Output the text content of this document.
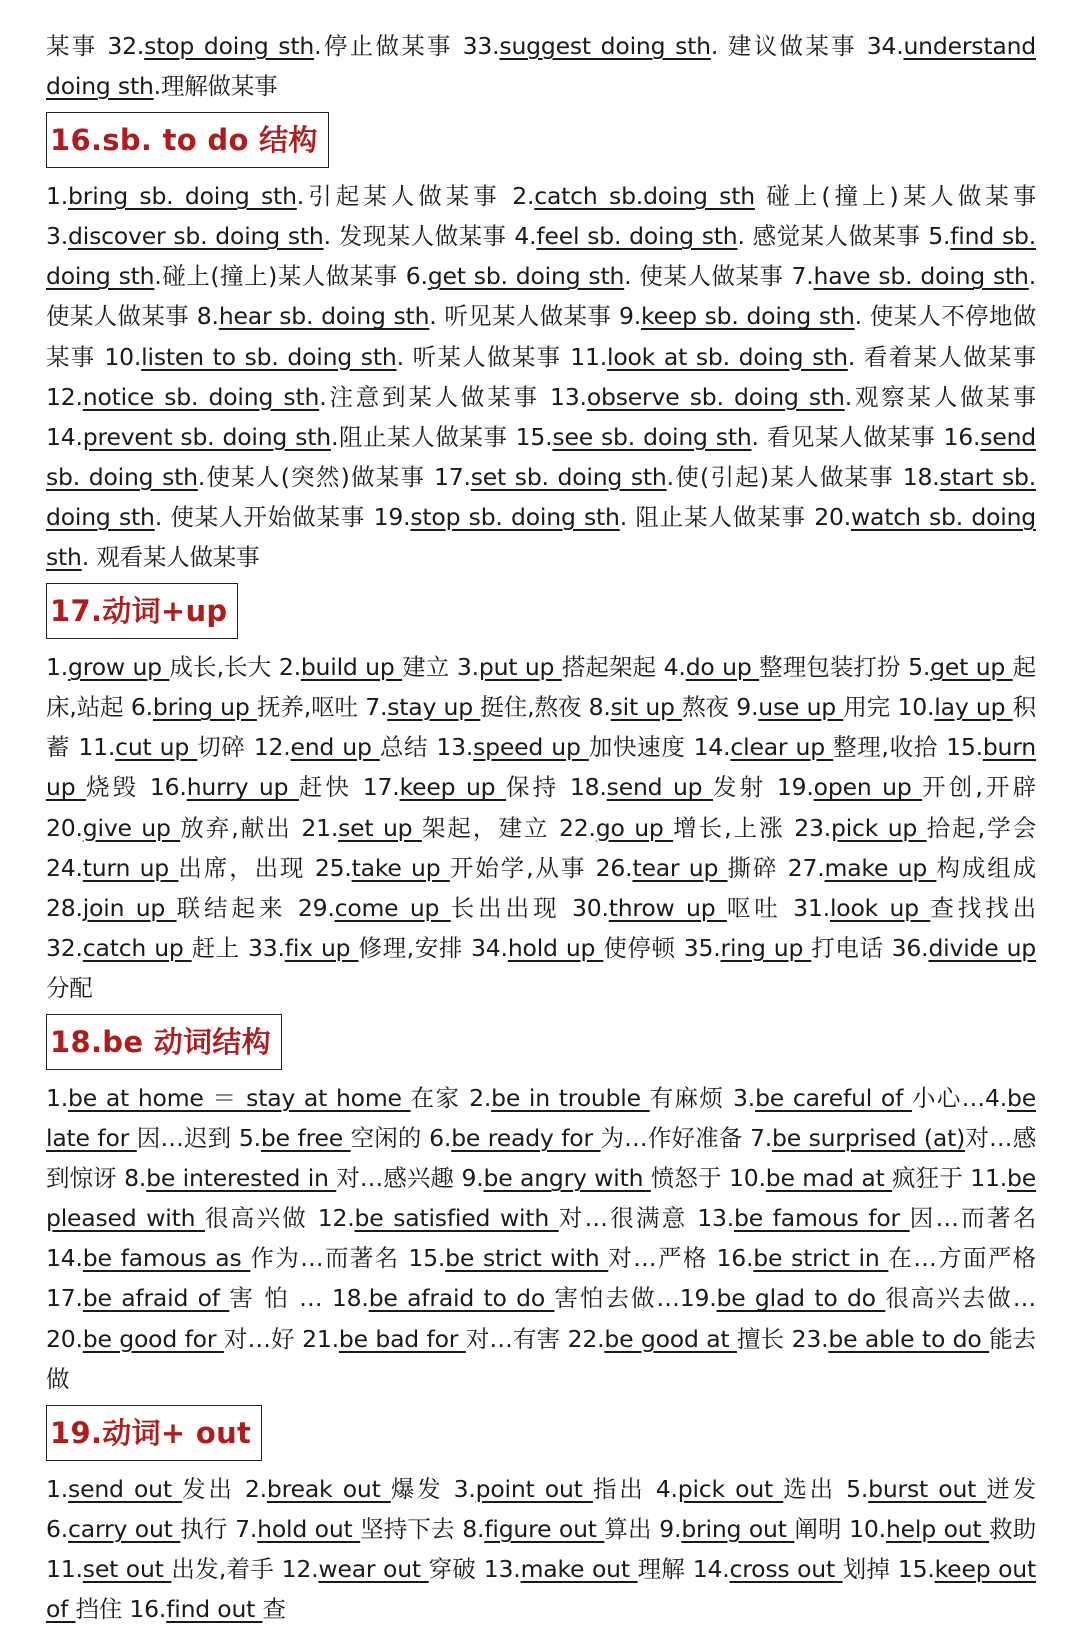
某事 32.stop doing sth.停止做某事 33.suggest doing sth. 建议做某事 34.understand doing sth.理解做某事

16.sb. to do 结构

1.bring sb. doing sth.引起某人做某事 2.catch sb.doing sth 碰上(撞上)某人做某事 3.discover sb. doing sth. 发现某人做某事 4.feel sb. doing sth. 感觉某人做某事 5.find sb. doing sth.碰上(撞上)某人做某事 6.get sb. doing sth. 使某人做某事 7.have sb. doing sth. 使某人做某事 8.hear sb. doing sth. 听见某人做某事 9.keep sb. doing sth. 使某人不停地做某事 10.listen to sb. doing sth. 听某人做某事 11.look at sb. doing sth. 看着某人做某事 12.notice sb. doing sth.注意到某人做某事 13.observe sb. doing sth.观察某人做某事 14.prevent sb. doing sth.阻止某人做某事 15.see sb. doing sth. 看见某人做某事 16.send sb. doing sth.使某人(突然)做某事 17.set sb. doing sth.使(引起)某人做某事 18.start sb. doing sth. 使某人开始做某事 19.stop sb. doing sth. 阻止某人做某事 20.watch sb. doing sth. 观看某人做某事

17.动词+up

1.grow up 成长,长大 2.build up 建立 3.put up 搭起架起 4.do up 整理包装打扮 5.get up 起床,站起 6.bring up 抚养,呕吐 7.stay up 挺住,熬夜 8.sit up 熬夜 9.use up 用完 10.lay up 积蓄 11.cut up 切碎 12.end up 总结 13.speed up 加快速度 14.clear up 整理,收拾 15.burn up 烧毁 16.hurry up 赶快 17.keep up 保持 18.send up 发射 19.open up 开创,开辟 20.give up 放弃,献出 21.set up 架起，建立 22.go up 增长,上涨 23.pick up 拾起,学会 24.turn up 出席，出现 25.take up 开始学,从事 26.tear up 撕碎 27.make up 构成组成 28.join up 联结起来 29.come up 长出出现 30.throw up 呕吐 31.look up 查找找出 32.catch up 赶上 33.fix up 修理,安排 34.hold up 使停顿 35.ring up 打电话 36.divide up 分配

18.be 动词结构

1.be at home ＝ stay at home 在家 2.be in trouble 有麻烦 3.be careful of 小心…4.be late for 因…迟到 5.be free 空闲的 6.be ready for 为…作好准备 7.be surprised (at)对…感到惊讶 8.be interested in 对…感兴趣 9.be angry with 愤怒于 10.be mad at 疯狂于 11.be pleased with 很高兴做 12.be satisfied with 对…很满意 13.be famous for 因…而著名 14.be famous as 作为…而著名 15.be strict with 对…严格 16.be strict in 在…方面严格 17.be afraid of 害 怕 … 18.be afraid to do 害怕去做…19.be glad to do 很高兴去做…20.be good for 对…好 21.be bad for 对…有害 22.be good at 擅长 23.be able to do 能去做

19.动词+ out

1.send out 发出 2.break out 爆发 3.point out 指出 4.pick out 选出 5.burst out 迸发 6.carry out 执行 7.hold out 坚持下去 8.figure out 算出 9.bring out 阐明 10.help out 救助 11.set out 出发,着手 12.wear out 穿破 13.make out 理解 14.cross out 划掉 15.keep out of 挡住 16.find out 查
